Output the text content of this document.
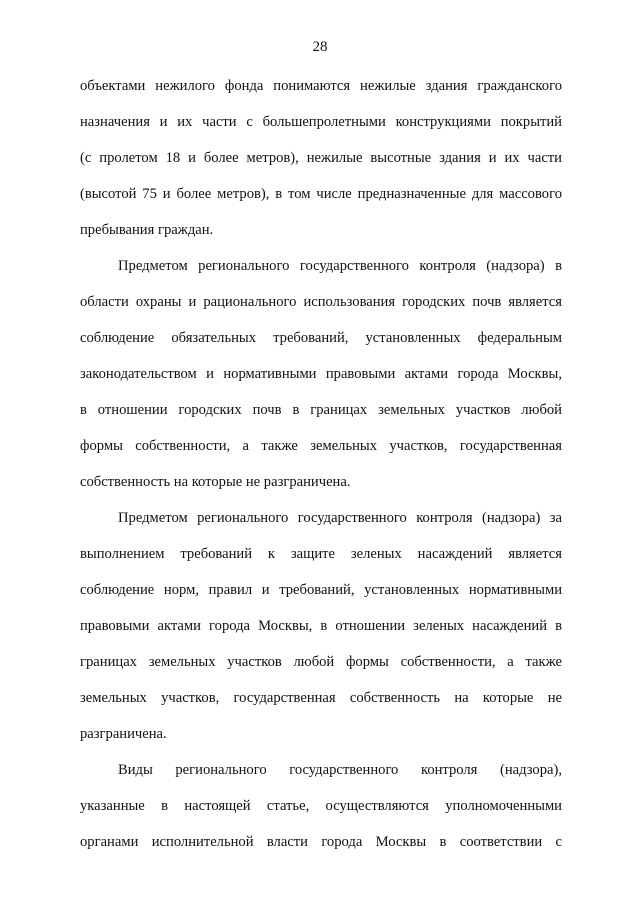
28
объектами нежилого фонда понимаются нежилые здания гражданского
назначения и их части с большепролетными конструкциями покрытий
(с пролетом 18 и более метров), нежилые высотные здания и их части
(высотой 75 и более метров), в том числе предназначенные для массового
пребывания граждан.
Предметом регионального государственного контроля (надзора) в
области охраны и рационального использования городских почв является
соблюдение обязательных требований, установленных федеральным
законодательством и нормативными правовыми актами города Москвы,
в отношении городских почв в границах земельных участков любой
формы собственности, а также земельных участков, государственная
собственность на которые не разграничена.
Предметом регионального государственного контроля (надзора) за
выполнением требований к защите зеленых насаждений является
соблюдение норм, правил и требований, установленных нормативными
правовыми актами города Москвы, в отношении зеленых насаждений в
границах земельных участков любой формы собственности, а также
земельных участков, государственная собственность на которые не
разграничена.
Виды регионального государственного контроля (надзора),
указанные в настоящей статье, осуществляются уполномоченными
органами исполнительной власти города Москвы в соответствии с
